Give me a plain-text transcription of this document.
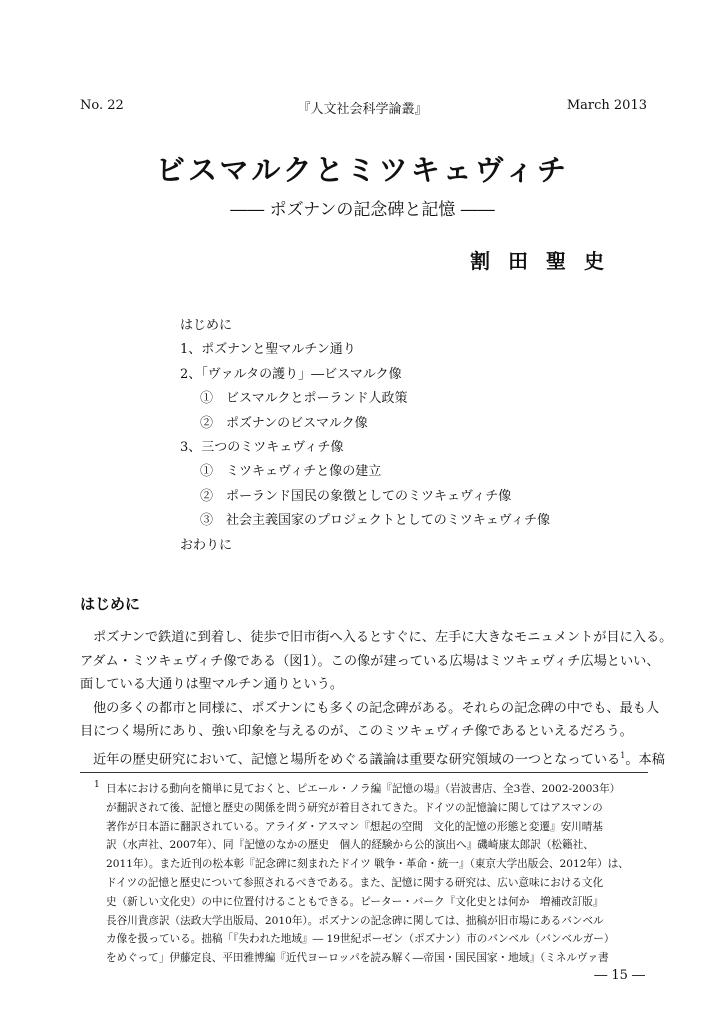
No. 22	『人文社会科学論叢』	March 2013
ビスマルクとミツキェヴィチ
―― ポズナンの記念碑と記憶 ――
割田聖史
はじめに
1、ポズナンと聖マルチン通り
2、「ヴァルタの護り」―ビスマルク像
①　ビスマルクとポーランド人政策
②　ポズナンのビスマルク像
3、三つのミツキェヴィチ像
①　ミツキェヴィチと像の建立
②　ポーランド国民の象徴としてのミツキェヴィチ像
③　社会主義国家のプロジェクトとしてのミツキェヴィチ像
おわりに
はじめに
ポズナンで鉄道に到着し、徒歩で旧市街へ入るとすぐに、左手に大きなモニュメントが目に入る。
アダム・ミツキェヴィチ像である（図1）。この像が建っている広場はミツキェヴィチ広場といい、
面している大通りは聖マルチン通りという。
他の多くの都市と同様に、ポズナンにも多くの記念碑がある。それらの記念碑の中でも、最も人
目につく場所にあり、強い印象を与えるのが、このミツキェヴィチ像であるといえるだろう。
近年の歴史研究において、記憶と場所をめぐる議論は重要な研究領域の一つとなっている$^1$。本稿
1 日本における動向を簡単に見ておくと、ピエール・ノラ編『記憶の場』（岩波書店、全3巻、2002-2003年）
が翻訳されて後、記憶と歴史の関係を問う研究が着目されてきた。ドイツの記憶論に関してはアスマンの
著作が日本語に翻訳されている。アライダ・アスマン『想起の空間　文化的記憶の形態と変遷』安川晴基
訳（水声社、2007年）、同『記憶のなかの歴史　個人的経験から公的演出へ』磯崎康太郎訳（松籟社、
2011年）。また近刊の松本彰『記念碑に刻まれたドイツ 戦争・革命・統一』（東京大学出版会、2012年）は、
ドイツの記憶と歴史について参照されるべきである。また、記憶に関する研究は、広い意味における文化
史（新しい文化史）の中に位置付けることもできる。ピーター・バーク『文化史とは何か　増補改訂版』
長谷川貴彦訳（法政大学出版局、2010年）。ポズナンの記念碑に関しては、拙稿が旧市場にあるバンベル
カ像を扱っている。拙稿「『失われた地域』― 19世紀ポーゼン（ポズナン）市のバンベル（バンベルガー）
をめぐって」伊藤定良、平田雅博編『近代ヨーロッパを読み解く―帝国・国民国家・地域』（ミネルヴァ書
― 15 ―
